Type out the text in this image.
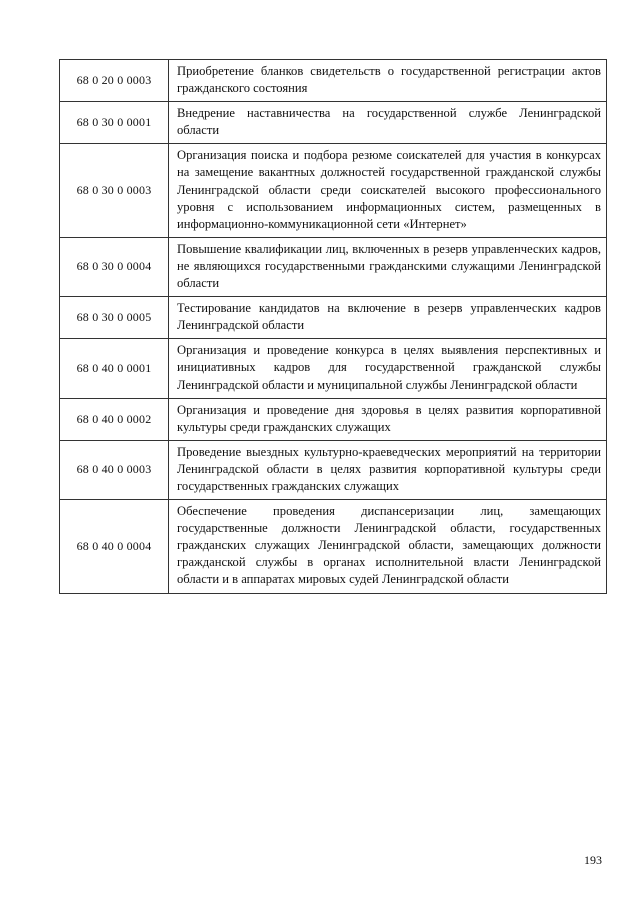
68 0 20 0 0003	Приобретение бланков свидетельств о государственной регистрации актов гражданского состояния
68 0 30 0 0001	Внедрение наставничества на государственной службе Ленинградской области
68 0 30 0 0003	Организация поиска и подбора резюме соискателей для участия в конкурсах на замещение вакантных должностей государственной гражданской службы Ленинградской области среди соискателей высокого профессионального уровня с использованием информационных систем, размещенных в информационно-коммуникационной сети «Интернет»
68 0 30 0 0004	Повышение квалификации лиц, включенных в резерв управленческих кадров, не являющихся государственными гражданскими служащими Ленинградской области
68 0 30 0 0005	Тестирование кандидатов на включение в резерв управленческих кадров Ленинградской области
68 0 40 0 0001	Организация и проведение конкурса в целях выявления перспективных и инициативных кадров для государственной гражданской службы Ленинградской области и муниципальной службы Ленинградской области
68 0 40 0 0002	Организация и проведение дня здоровья в целях развития корпоративной культуры среди гражданских служащих
68 0 40 0 0003	Проведение выездных культурно-краеведческих мероприятий на территории Ленинградской области в целях развития корпоративной культуры среди государственных гражданских служащих
68 0 40 0 0004	Обеспечение проведения диспансеризации лиц, замещающих государственные должности Ленинградской области, государственных гражданских служащих Ленинградской области, замещающих должности гражданской службы в органах исполнительной власти Ленинградской области и в аппаратах мировых судей Ленинградской области
193
